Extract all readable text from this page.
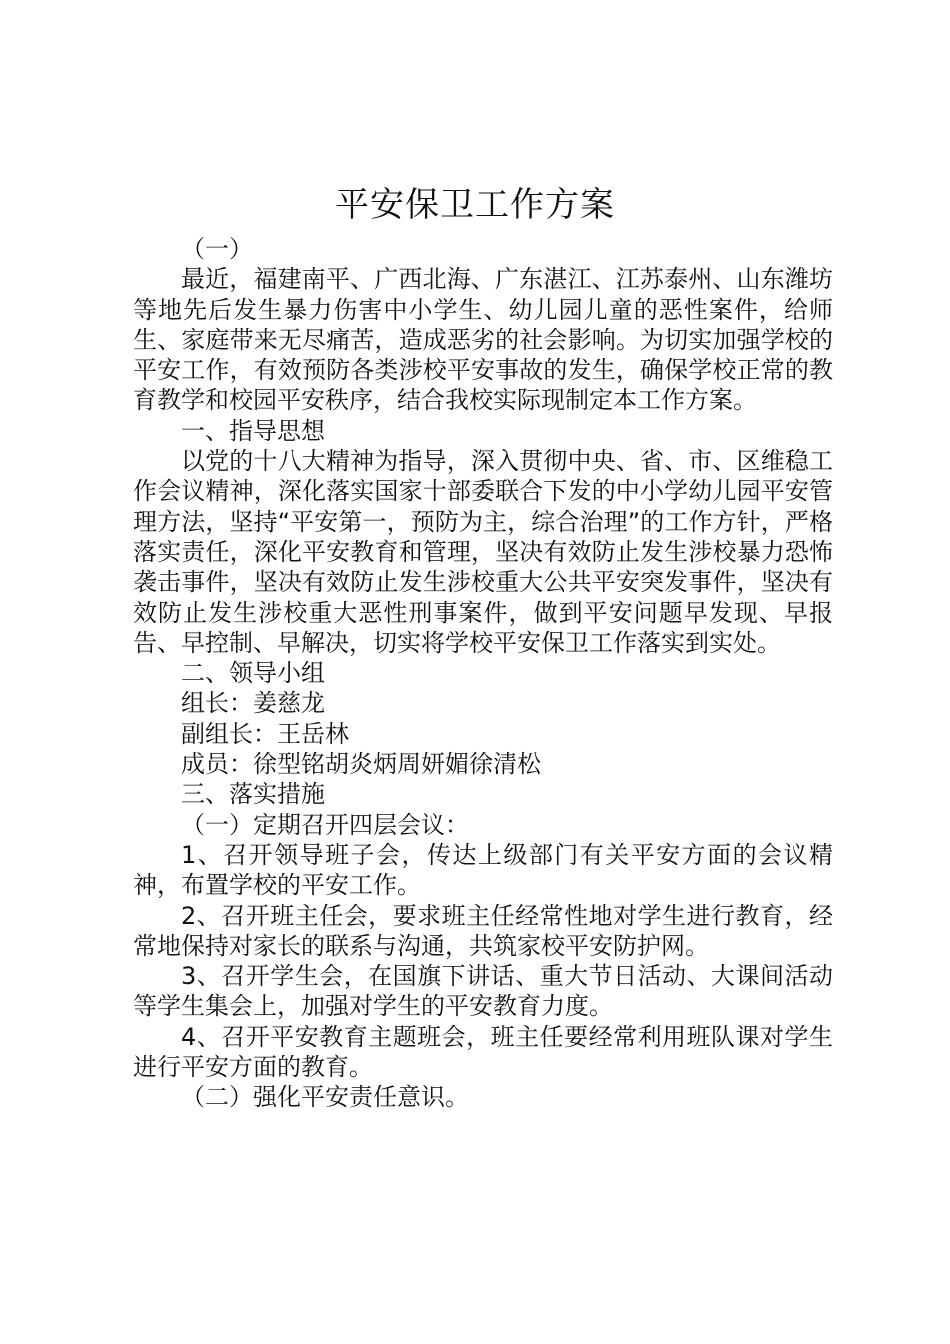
平安保卫工作方案

（一）

最近，福建南平、广西北海、广东湛江、江苏泰州、山东潍坊等地先后发生暴力伤害中小学生、幼儿园儿童的恶性案件，给师生、家庭带来无尽痛苦，造成恶劣的社会影响。为切实加强学校的平安工作，有效预防各类涉校平安事故的发生，确保学校正常的教育教学和校园平安秩序，结合我校实际现制定本工作方案。

一、指导思想

以党的十八大精神为指导，深入贯彻中央、省、市、区维稳工作会议精神，深化落实国家十部委联合下发的中小学幼儿园平安管理方法，坚持“平安第一，预防为主，综合治理”的工作方针，严格落实责任，深化平安教育和管理，坚决有效防止发生涉校暴力恐怖袭击事件，坚决有效防止发生涉校重大公共平安突发事件，坚决有效防止发生涉校重大恶性刑事案件，做到平安问题早发现、早报告、早控制、早解决，切实将学校平安保卫工作落实到实处。

二、领导小组

组长：姜慈龙

副组长：王岳林

成员：徐型铭胡炎炳周妍媚徐清松

三、落实措施

（一）定期召开四层会议：

1、召开领导班子会，传达上级部门有关平安方面的会议精神，布置学校的平安工作。

2、召开班主任会，要求班主任经常性地对学生进行教育，经常地保持对家长的联系与沟通，共筑家校平安防护网。

3、召开学生会，在国旗下讲话、重大节日活动、大课间活动等学生集会上，加强对学生的平安教育力度。

4、召开平安教育主题班会，班主任要经常利用班队课对学生进行平安方面的教育。

（二）强化平安责任意识。
